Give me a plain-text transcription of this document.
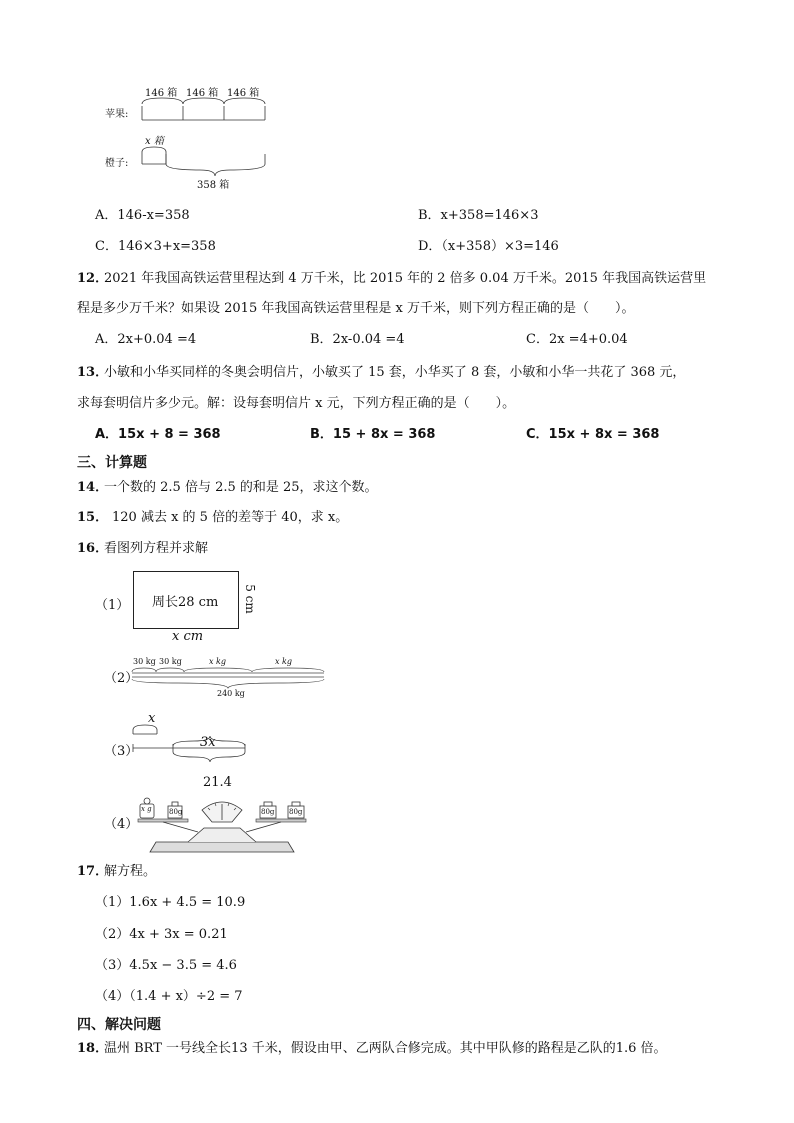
146 箱 146 箱 146 箱
苹果:
x 箱
橙子:
358 箱
A．146-x=358	B．x+358=146×3
C．146×3+x=358	D．（x+358）×3=146
12．
2021 年我国高铁运营里程达到 4 万千米，比 2015 年的 2 倍多 0.04 万千米。2015 年我国高铁运营里
程是多少万千米？如果设 2015 年我国高铁运营里程是 x 万千米，则下列方程正确的是（　　）。
A．2x+0.04 =4	B．2x-0.04 =4	C．2x =4+0.04
13．
小敏和小华买同样的冬奥会明信片，小敏买了 15 套，小华买了 8 套，小敏和小华一共花了 368 元，
求每套明信片多少元。解：设每套明信片 x 元，下列方程正确的是（　　）。
A．15x + 8 = 368	B．15 + 8x = 368	C．15x + 8x = 368
三、计算题
14．
一个数的 2.5 倍与 2.5 的和是 25，求这个数。
15． 120 减去 x 的 5 倍的差等于 40，求 x。
16．
看图列方程并求解
（1） 周长28 cm 5 cm
x cm
（2）
30 kg 30 kg	x kg	x kg
240 kg
（3）
x
3x
21.4
（4）
x g 80g	80g 80g
17．
解方程。
（1）1.6x + 4.5 = 10.9
（2）4x + 3x = 0.21
（3）4.5x − 3.5 = 4.6
（4）（1.4 + x）÷2 = 7
四、解决问题
18．
温州 BRT 一号线全长13 千米，假设由甲、乙两队合修完成。其中甲队修的路程是乙队的1.6 倍。
